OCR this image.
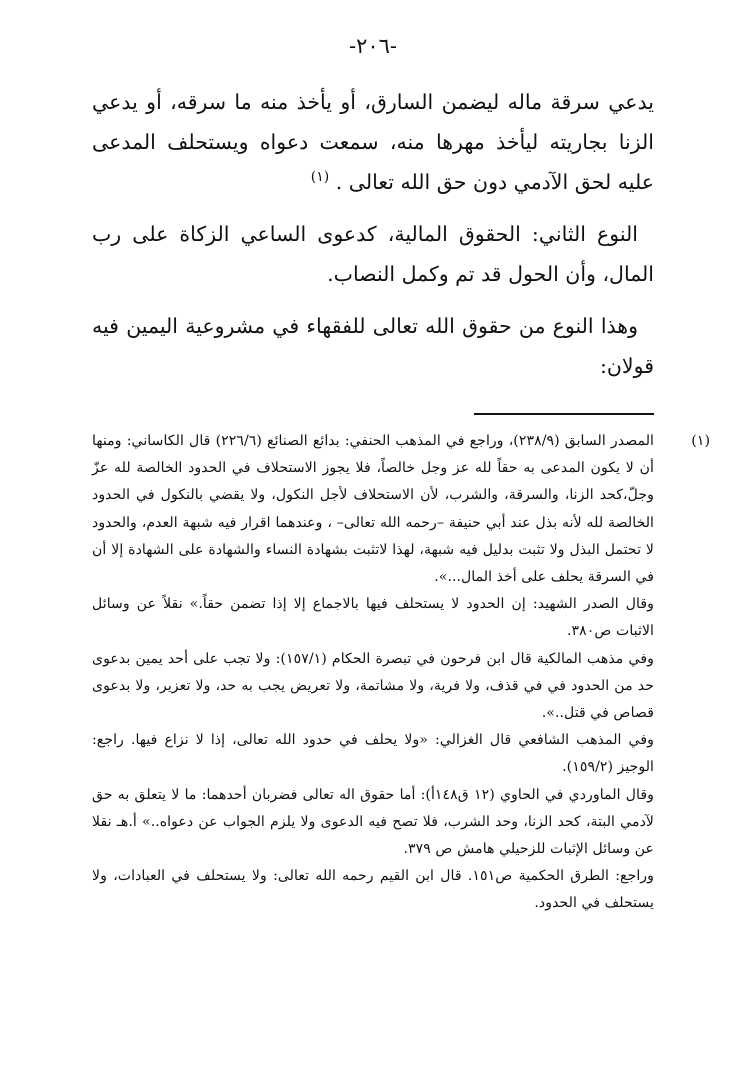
-٢٠٦-

يدعي سرقة ماله ليضمن السارق، أو يأخذ منه ما سرقه، أو يدعي الزنا بجاريته ليأخذ مهرها منه، سمعت دعواه ويستحلف المدعى عليه لحق الآدمي دون حق الله تعالى . $^{(١)}$

النوع الثاني: الحقوق المالية، كدعوى الساعي الزكاة على رب المال، وأن الحول قد تم وكمل النصاب.

وهذا النوع من حقوق الله تعالى للفقهاء في مشروعية اليمين فيه قولان:

(١)

المصدر السابق (٢٣٨/٩)، وراجع في المذهب الحنفي: بدائع الصنائع (٢٢٦/٦) قال الكاساني: ومنها أن لا يكون المدعى به حقاً لله عز وجل خالصاً، فلا يجوز الاستحلاف في الحدود الخالصة لله عزّ وجلّ،كحد الزنا، والسرقة، والشرب، لأن الاستحلاف لأجل النكول، ولا يقضي بالنكول في الحدود الخالصة لله لأنه بذل عند أبي حنيفة –رحمه الله تعالى– ، وعندهما اقرار فيه شبهة العدم، والحدود لا تحتمل البذل ولا تثبت بدليل فيه شبهة، لهذا لاتثبت بشهادة النساء والشهادة على الشهادة إلا أن في السرقة يحلف على أخذ المال...».

وقال الصدر الشهيد: إن الحدود لا يستحلف فيها بالاجماع إلا إذا تضمن حقاً.» نقلاً عن وسائل الاثبات ص٣٨٠.

وفي مذهب المالكية قال ابن فرحون في تبصرة الحكام (١٥٧/١): ولا تجب على أحد يمين بدعوى حد من الحدود في في قذف، ولا فرية، ولا مشاتمة، ولا تعريض يجب به حد، ولا تعزير، ولا بدعوى قصاص في قتل..».

وفي المذهب الشافعي قال الغزالي: «ولا يحلف في حدود الله تعالى، إذا لا نزاع فيها. راجع: الوجيز (١٥٩/٢).

وقال الماوردي في الحاوي (١٢ ق١٤٨أ): أما حقوق اله تعالى فضربان أحدهما: ما لا يتعلق به حق لآدمي البتة، كحد الزنا، وحد الشرب، فلا تصح فيه الدعوى ولا يلزم الجواب عن دعواه..» أ.هـ نقلا عن وسائل الإثبات للزحيلي هامش ص ٣٧٩.

وراجع: الطرق الحكمية ص١٥١. قال ابن القيم رحمه الله تعالى: ولا يستحلف في العبادات، ولا يستحلف في الحدود.
